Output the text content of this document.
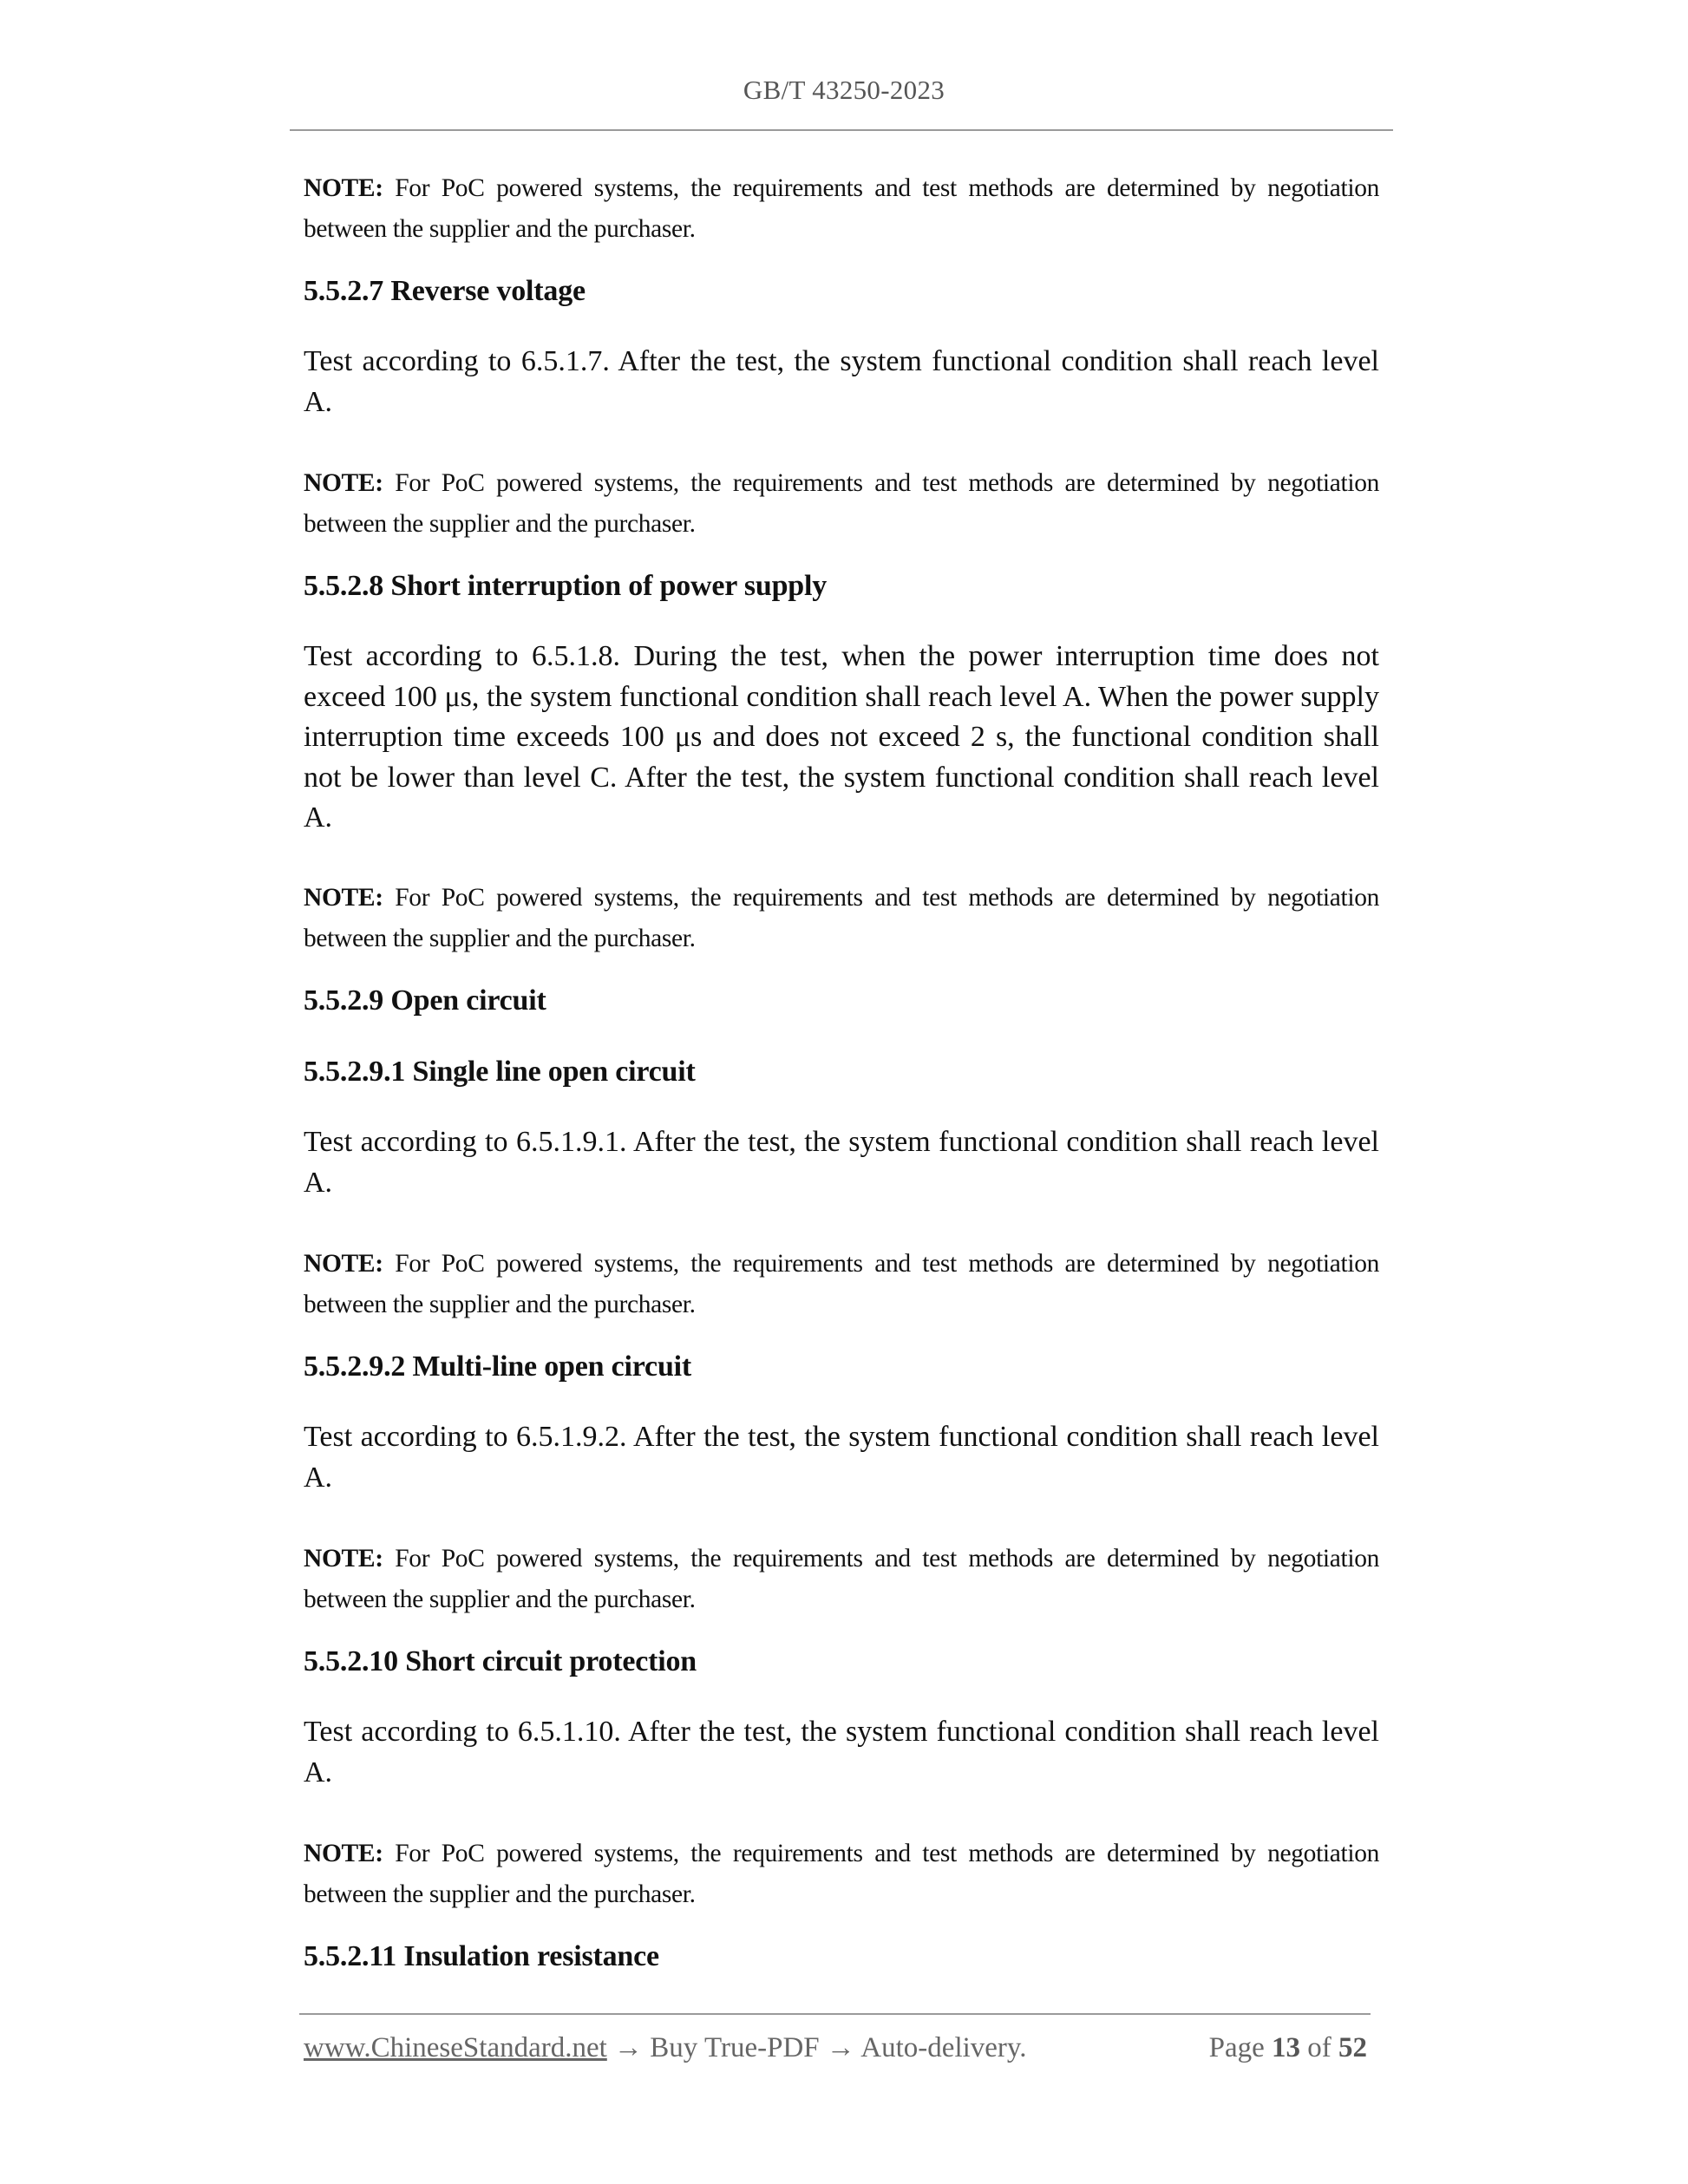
GB/T 43250-2023
NOTE: For PoC powered systems, the requirements and test methods are determined by negotiation between the supplier and the purchaser.
5.5.2.7 Reverse voltage
Test according to 6.5.1.7. After the test, the system functional condition shall reach level A.
NOTE: For PoC powered systems, the requirements and test methods are determined by negotiation between the supplier and the purchaser.
5.5.2.8 Short interruption of power supply
Test according to 6.5.1.8. During the test, when the power interruption time does not exceed 100 μs, the system functional condition shall reach level A. When the power supply interruption time exceeds 100 μs and does not exceed 2 s, the functional condition shall not be lower than level C. After the test, the system functional condition shall reach level A.
NOTE: For PoC powered systems, the requirements and test methods are determined by negotiation between the supplier and the purchaser.
5.5.2.9 Open circuit
5.5.2.9.1 Single line open circuit
Test according to 6.5.1.9.1. After the test, the system functional condition shall reach level A.
NOTE: For PoC powered systems, the requirements and test methods are determined by negotiation between the supplier and the purchaser.
5.5.2.9.2 Multi-line open circuit
Test according to 6.5.1.9.2. After the test, the system functional condition shall reach level A.
NOTE: For PoC powered systems, the requirements and test methods are determined by negotiation between the supplier and the purchaser.
5.5.2.10 Short circuit protection
Test according to 6.5.1.10. After the test, the system functional condition shall reach level A.
NOTE: For PoC powered systems, the requirements and test methods are determined by negotiation between the supplier and the purchaser.
5.5.2.11 Insulation resistance
www.ChineseStandard.net → Buy True-PDF → Auto-delivery.	Page 13 of 52
